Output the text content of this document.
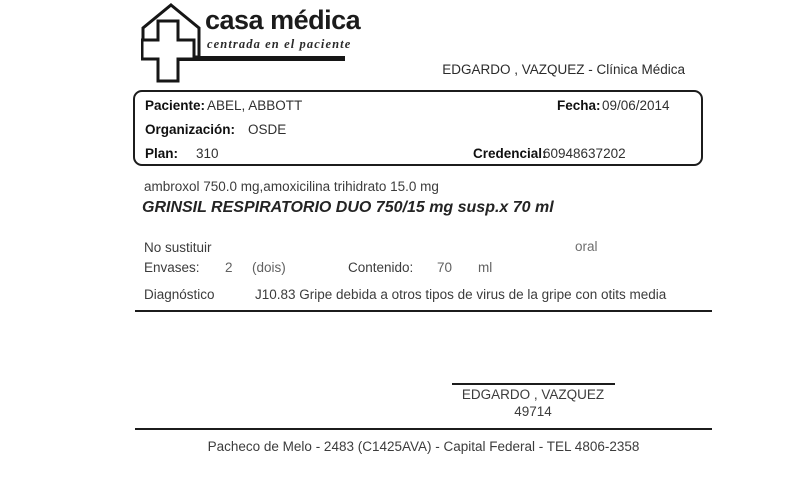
casa médica
centrada en el paciente
EDGARDO , VAZQUEZ - Clínica Médica
Paciente: ABEL, ABBOTT	Fecha: 09/06/2014
Organización: OSDE
Plan: 310	Credencial:
60948637202
ambroxol 750.0 mg,amoxicilina trihidrato 15.0 mg
GRINSIL RESPIRATORIO DUO 750/15 mg susp.x 70 ml
No sustituir	oral
Envases: 2 (dois)	Contenido: 70 ml
Diagnóstico	J10.83 Gripe debida a otros tipos de virus de la gripe con otits media
EDGARDO , VAZQUEZ
49714
Pacheco de Melo - 2483 (C1425AVA) - Capital Federal - TEL 4806-2358
